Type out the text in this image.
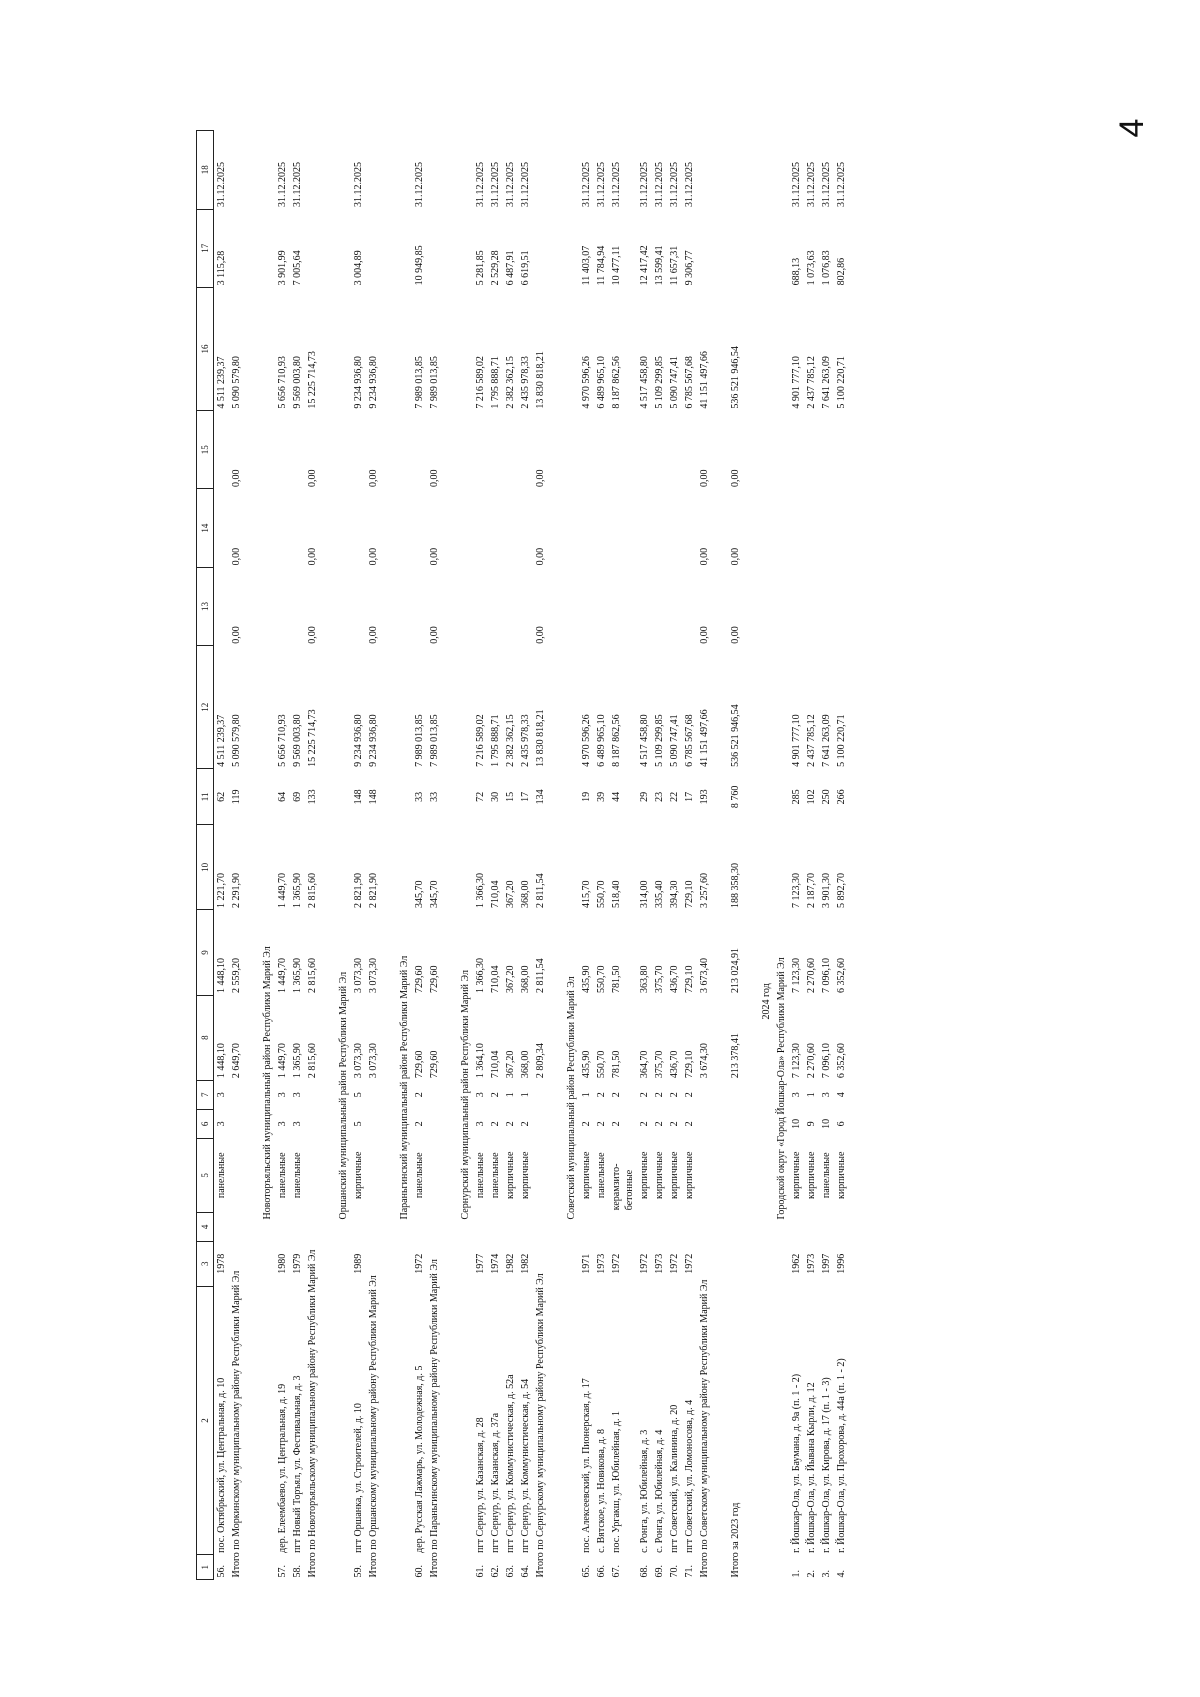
4
1	2	3	4	5	6	7	8	9	10	11	12	13	14	15	16	17	18
56.	пос. Октябрьский, ул. Центральная, д. 10	1978		панельные	3	3	1 448,10	1 448,10	1 221,70	62	4 511 239,37				4 511 239,37	3 115,28	31.12.2025
Итого по Моркинскому муниципальному району Республики Марий Эл							2 649,70	2 559,20	2 291,90	119	5 090 579,80	0,00	0,00	0,00	5 090 579,80		

Новоторъяльский муниципальный район Республики Марий Эл																	
57.	дер. Елеембаево, ул. Центральная, д. 19	1980		панельные	3	3	1 449,70	1 449,70	1 449,70	64	5 656 710,93				5 656 710,93	3 901,99	31.12.2025
58.	пгт Новый Торъял, ул. Фестивальная, д. 3	1979		панельные	3	3	1 365,90	1 365,90	1 365,90	69	9 569 003,80				9 569 003,80	7 005,64	31.12.2025
Итого по Новоторъяльскому муниципальному району Республики Марий Эл							2 815,60	2 815,60	2 815,60	133	15 225 714,73	0,00	0,00	0,00	15 225 714,73		

Оршанский муниципальный район Республики Марий Эл																	
59.	пгт Оршанка, ул. Строителей, д. 10	1989		кирпичные	5	5	3 073,30	3 073,30	2 821,90	148	9 234 936,80				9 234 936,80	3 004,89	31.12.2025
Итого по Оршанскому муниципальному району Республики Марий Эл							3 073,30	3 073,30	2 821,90	148	9 234 936,80	0,00	0,00	0,00	9 234 936,80		

Параньгинский муниципальный район Республики Марий Эл																	
60.	дер. Русская Лажмарь, ул. Молодежная, д. 5	1972		панельные	2	2	729,60	729,60	345,70	33	7 989 013,85				7 989 013,85	10 949,85	31.12.2025
Итого по Параньгинскому муниципальному району Республики Марий Эл							729,60	729,60	345,70	33	7 989 013,85	0,00	0,00	0,00	7 989 013,85		

Сернурский муниципальный район Республики Марий Эл																	
61.	пгт Сернур, ул. Казанская, д. 28	1977		панельные	3	3	1 364,10	1 366,30	1 366,30	72	7 216 589,02				7 216 589,02	5 281,85	31.12.2025
62.	пгт Сернур, ул. Казанская, д. 37а	1974		панельные	2	2	710,04	710,04	710,04	30	1 795 888,71				1 795 888,71	2 529,28	31.12.2025
63.	пгт Сернур, ул. Коммунистическая, д. 52а	1982		кирпичные	2	1	367,20	367,20	367,20	15	2 382 362,15				2 382 362,15	6 487,91	31.12.2025
64.	пгт Сернур, ул. Коммунистическая, д. 54	1982		кирпичные	2	1	368,00	368,00	368,00	17	2 435 978,33				2 435 978,33	6 619,51	31.12.2025
Итого по Сернурскому муниципальному району Республики Марий Эл							2 809,34	2 811,54	2 811,54	134	13 830 818,21	0,00	0,00	0,00	13 830 818,21		

Советский муниципальный район Республики Марий Эл																	
65.	пос. Алексеевский, ул. Пионерская, д. 17	1971		кирпичные	2	1	435,90	435,90	415,70	19	4 970 596,26				4 970 596,26	11 403,07	31.12.2025
66.	с. Вятское, ул. Новикова, д. 8	1973		панельные	2	2	550,70	550,70	550,70	39	6 489 965,10				6 489 965,10	11 784,94	31.12.2025
67.	пос. Ургакш, ул. Юбилейная, д. 1	1972		керамзито-бетонные	2	2	781,50	781,50	518,40	44	8 187 862,56				8 187 862,56	10 477,11	31.12.2025
68.	с. Ронга, ул. Юбилейная, д. 3	1972		кирпичные	2	2	364,70	363,80	314,00	29	4 517 458,80				4 517 458,80	12 417,42	31.12.2025
69.	с. Ронга, ул. Юбилейная, д. 4	1973		кирпичные	2	2	375,70	375,70	335,40	23	5 109 299,85				5 109 299,85	13 599,41	31.12.2025
70.	пгт Советский, ул. Калинина, д. 20	1972		кирпичные	2	2	436,70	436,70	394,30	22	5 090 747,41				5 090 747,41	11 657,31	31.12.2025
71.	пгт Советский, ул. Ломоносова, д. 4	1972		кирпичные	2	2	729,10	729,10	729,10	17	6 785 567,68				6 785 567,68	9 306,77	31.12.2025
Итого по Советскому муниципальному району Республики Марий Эл							3 674,30	3 673,40	3 257,60	193	41 151 497,66	0,00	0,00	0,00	41 151 497,66		

Итого за 2023 год							213 378,41	213 024,91	188 358,30	8 760	536 521 946,54	0,00	0,00	0,00	536 521 946,54		

2024 год																	
Городской округ «Город Йошкар-Ола» Республики Марий Эл																	
1.	г. Йошкар-Ола, ул. Баумана, д. 9а (п. 1 - 2)	1962		кирпичные	10	3	7 123,30	7 123,30	7 123,30	285	4 901 777,10				4 901 777,10	688,13	31.12.2025
2.	г. Йошкар-Ола, ул. Йывана Кырли, д. 12	1973		кирпичные	9	1	2 270,60	2 270,60	2 187,70	102	2 437 785,12				2 437 785,12	1 073,63	31.12.2025
3.	г. Йошкар-Ола, ул. Кирова, д. 17 (п. 1 - 3)	1997		панельные	10	3	7 096,10	7 096,10	3 901,30	250	7 641 263,09				7 641 263,09	1 076,83	31.12.2025
4.	г. Йошкар-Ола, ул. Прохорова, д. 44а (п. 1 - 2)	1996		кирпичные	6	4	6 352,60	6 352,60	5 892,70	266	5 100 220,71				5 100 220,71	802,86	31.12.2025
